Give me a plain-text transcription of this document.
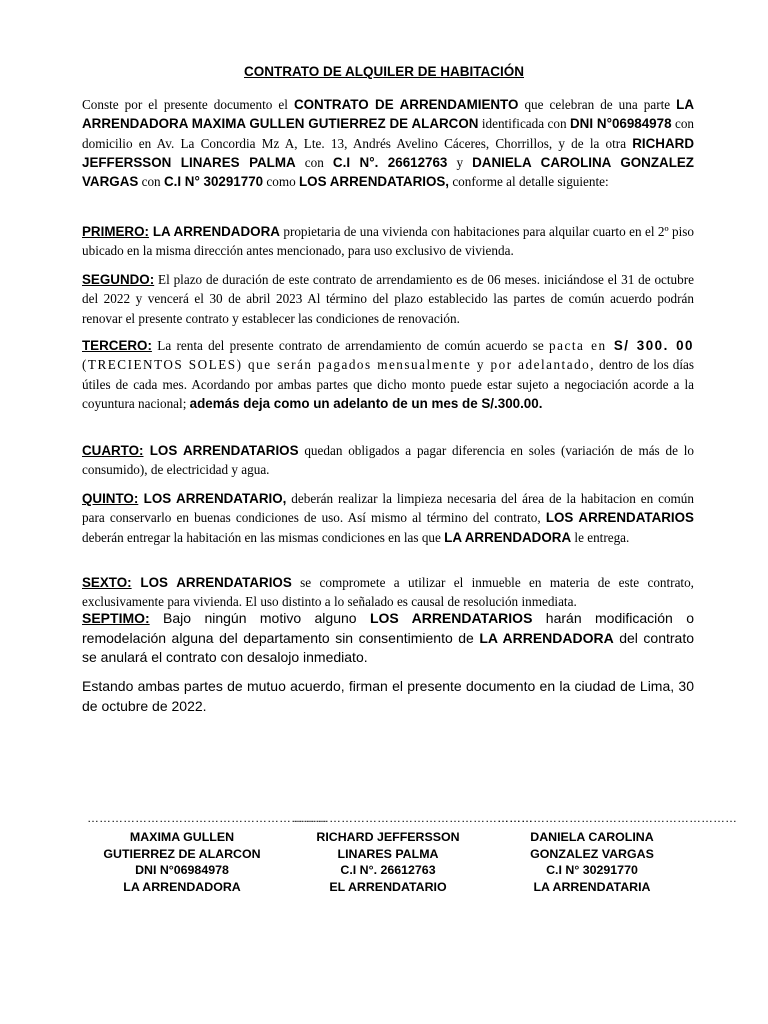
CONTRATO DE ALQUILER DE HABITACIÓN

Conste por el presente documento el CONTRATO DE ARRENDAMIENTO que celebran de una parte LA ARRENDADORA MAXIMA GULLEN GUTIERREZ DE ALARCON identificada con DNI N°06984978 con domicilio en Av. La Concordia Mz A, Lte. 13, Andrés Avelino Cáceres, Chorrillos, y de la otra RICHARD JEFFERSSON LINARES PALMA con C.I N°. 26612763 y DANIELA CAROLINA GONZALEZ VARGAS con C.I N° 30291770 como LOS ARRENDATARIOS, conforme al detalle siguiente:

PRIMERO: LA ARRENDADORA propietaria de una vivienda con habitaciones para alquilar cuarto en el 2º piso ubicado en la misma dirección antes mencionado, para uso exclusivo de vivienda.

SEGUNDO: El plazo de duración de este contrato de arrendamiento es de 06 meses. iniciándose el 31 de octubre del 2022 y vencerá el 30 de abril 2023 Al término del plazo establecido las partes de común acuerdo podrán renovar el presente contrato y establecer las condiciones de renovación.

TERCERO: La renta del presente contrato de arrendamiento de común acuerdo se pacta en S/ 300. 00 (TRECIENTOS SOLES) que serán pagados mensualmente y por adelantado, dentro de los días útiles de cada mes. Acordando por ambas partes que dicho monto puede estar sujeto a negociación acorde a la coyuntura nacional; además deja como un adelanto de un mes de S/.300.00.

CUARTO: LOS ARRENDATARIOS quedan obligados a pagar diferencia en soles (variación de más de lo consumido), de electricidad y agua.

QUINTO: LOS ARRENDATARIO, deberán realizar la limpieza necesaria del área de la habitacion en común para conservarlo en buenas condiciones de uso. Así mismo al término del contrato, LOS ARRENDATARIOS deberán entregar la habitación en las mismas condiciones en las que LA ARRENDADORA le entrega.

SEXTO: LOS ARRENDATARIOS se compromete a utilizar el inmueble en materia de este contrato, exclusivamente para vivienda. El uso distinto a lo señalado es causal de resolución inmediata.

SEPTIMO: Bajo ningún motivo alguno LOS ARRENDATARIOS harán modificación o remodelación alguna del departamento sin consentimiento de LA ARRENDADORA del contrato se anulará el contrato con desalojo inmediato.

Estando ambas partes de mutuo acuerdo, firman el presente documento en la ciudad de Lima, 30 de octubre de 2022.

……………………………………………………
MAXIMA GULLEN
GUTIERREZ DE ALARCON
DNI N°06984978
LA ARRENDADORA
……………………………………………………
RICHARD JEFFERSSON
LINARES PALMA
C.I N°. 26612763
EL ARRENDATARIO
……………………………………………………
DANIELA CAROLINA
GONZALEZ VARGAS
C.I N° 30291770
LA ARRENDATARIA
